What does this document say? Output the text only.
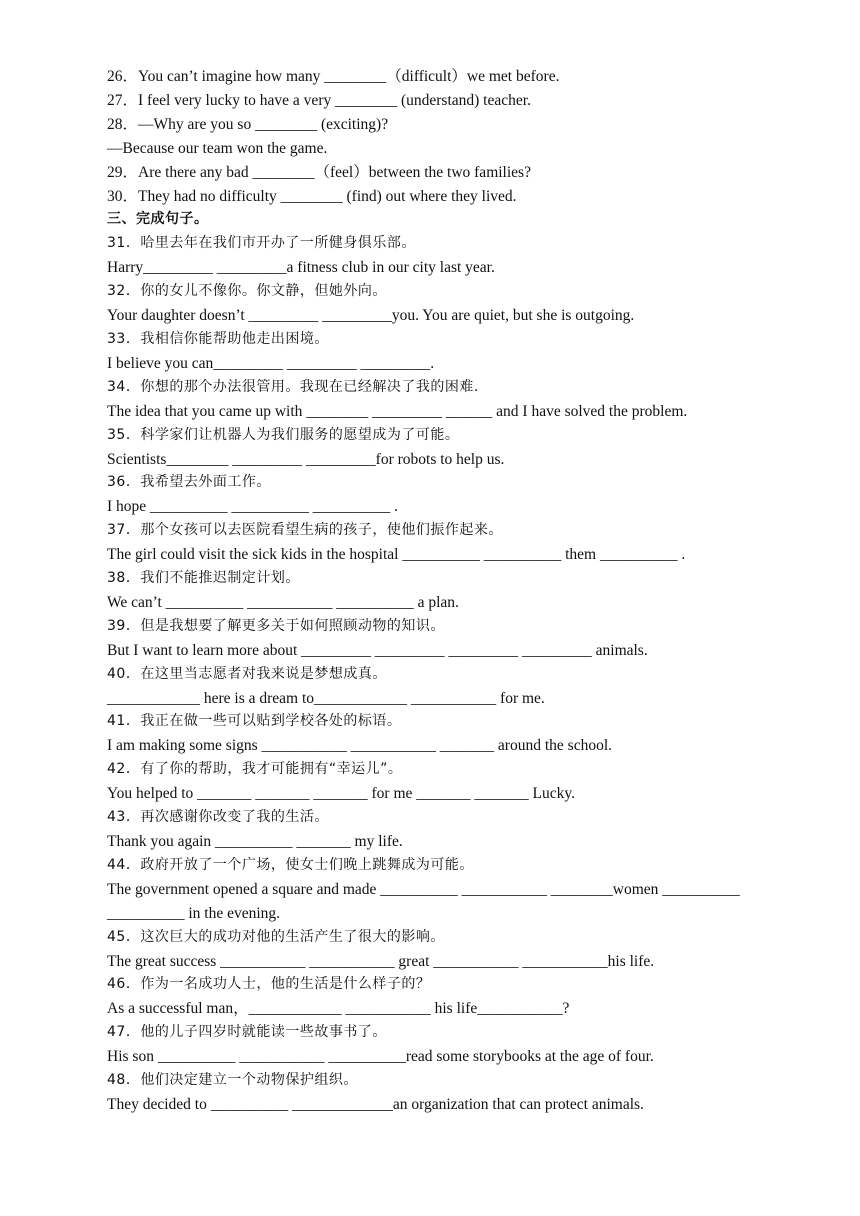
26．You can’t imagine how many ________（difficult）we met before.

27．I feel very lucky to have a very ________ (understand) teacher.

28．—Why are you so ________ (exciting)?

—Because our team won the game.

29．Are there any bad ________（feel）between the two families?

30．They had no difficulty ________ (find) out where they lived.

三、完成句子。

31．哈里去年在我们市开办了一所健身俱乐部。

Harry_________ _________a fitness club in our city last year.

32．你的女儿不像你。你文静，但她外向。

Your daughter doesn’t _________ _________you. You are quiet, but she is outgoing.

33．我相信你能帮助他走出困境。

I believe you can_________ _________ _________.

34．你想的那个办法很管用。我现在已经解决了我的困难.

The idea that you came up with ________ _________ ______ and I have solved the problem.

35．科学家们让机器人为我们服务的愿望成为了可能。

Scientists________ _________ _________for robots to help us.

36．我希望去外面工作。

I hope __________ __________ __________ .

37．那个女孩可以去医院看望生病的孩子，使他们振作起来。

The girl could visit the sick kids in the hospital __________ __________ them __________ .

38．我们不能推迟制定计划。

We can’t __________ ___________ __________ a plan.

39．但是我想要了解更多关于如何照顾动物的知识。

But I want to learn more about _________ _________ _________ _________ animals.

40．在这里当志愿者对我来说是梦想成真。

____________ here is a dream to____________ ___________ for me.

41．我正在做一些可以贴到学校各处的标语。

I am making some signs ___________ ___________ _______ around the school.

42．有了你的帮助，我才可能拥有“幸运儿”。

You helped to _______ _______ _______ for me _______ _______ Lucky.

43．再次感谢你改变了我的生活。

Thank you again __________ _______ my life.

44．政府开放了一个广场，使女士们晚上跳舞成为可能。

The government opened a square and made __________ ___________ ________women __________ __________ in the evening.

45．这次巨大的成功对他的生活产生了很大的影响。

The great success ___________ ___________ great ___________ ___________his life.

46．作为一名成功人士，他的生活是什么样子的？

As a successful man，____________ ___________ his life___________?

47．他的儿子四岁时就能读一些故事书了。

His son __________ ___________ __________read some storybooks at the age of four.

48．他们决定建立一个动物保护组织。

They decided to __________ _____________an organization that can protect animals.
